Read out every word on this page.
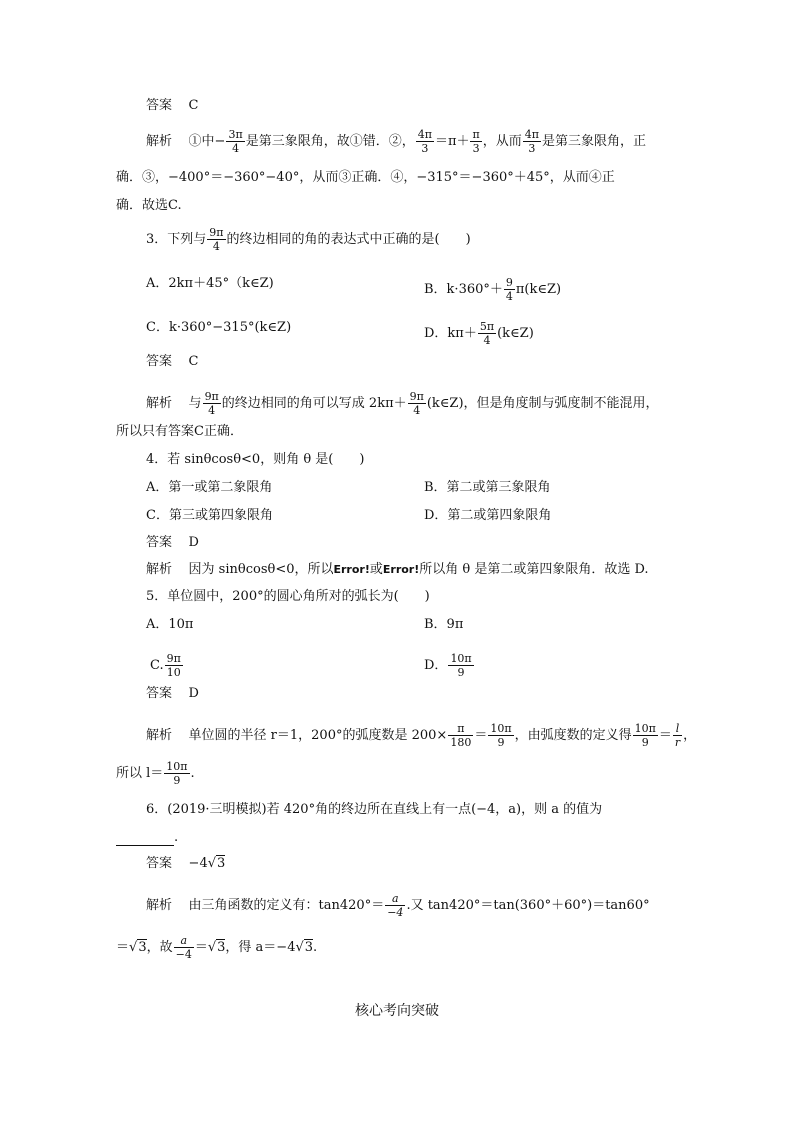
答案 C
解析 ①中− $\frac{3\pi}{4}$ 是第三象限角，故①错．②， $\frac{4\pi}{3} =\pi+ \frac{\pi}{3}$ ，从而 $\frac{4\pi}{3}$ 是第三象限角，正
确．③，−400°＝−360°−40°，从而③正确．④，−315°＝−360°＋45°，从而④正
确．故选C.
3．下列与 $\frac{9\pi}{4}$ 的终边相同的角的表达式中正确的是(　　)
A．2kπ＋45°（k∈Z)	B．$k\cdot 360^\circ+ \frac{9}{4}$ π(k∈Z)
C．k·360°−315°(k∈Z)	D．$k\pi+ \frac{5\pi}{4}$ (k∈Z)
答案 C
解析 与 $\frac{9\pi}{4}$ 的终边相同的角可以写成 $2k\pi+ \frac{9\pi}{4}$ (k∈Z)，但是角度制与弧度制不能混用，
所以只有答案C正确．
4．若 sinθcosθ<0，则角 θ 是(　　)
A．第一或第二象限角	B．第二或第三象限角
C．第三或第四象限角	D．第二或第四象限角
答案 D
解析 因为 sinθcosθ<0，所以Error!或Error!所以角 θ 是第二或第四象限角．故选 D.
5．单位圆中，200°的圆心角所对的弧长为(　　)
A．10π	B．9π
C. $\frac{9\pi}{10}$	D． $\frac{10\pi}{9}$
答案 D
解析 单位圆的半径 r＝1，200°的弧度数是 $200\times \frac{\pi}{180} = \frac{10\pi}{9}$ ，由弧度数的定义得 $\frac{10\pi}{9} = \frac{l}{r}$ ，
所以 $l= \frac{10\pi}{9}$ .
6．(2019·三明模拟)若 420°角的终边所在直线上有一点(−4，a)，则 a 的值为
.
答案 −4√3
解析 由三角函数的定义有：$\tan 420^\circ= \frac{a}{-4}$ .又 tan420°＝tan(360°＋60°)＝tan60°
＝√3，故 $\frac{a}{-4} =√3$，得 a＝−4√3.
核心考向突破
